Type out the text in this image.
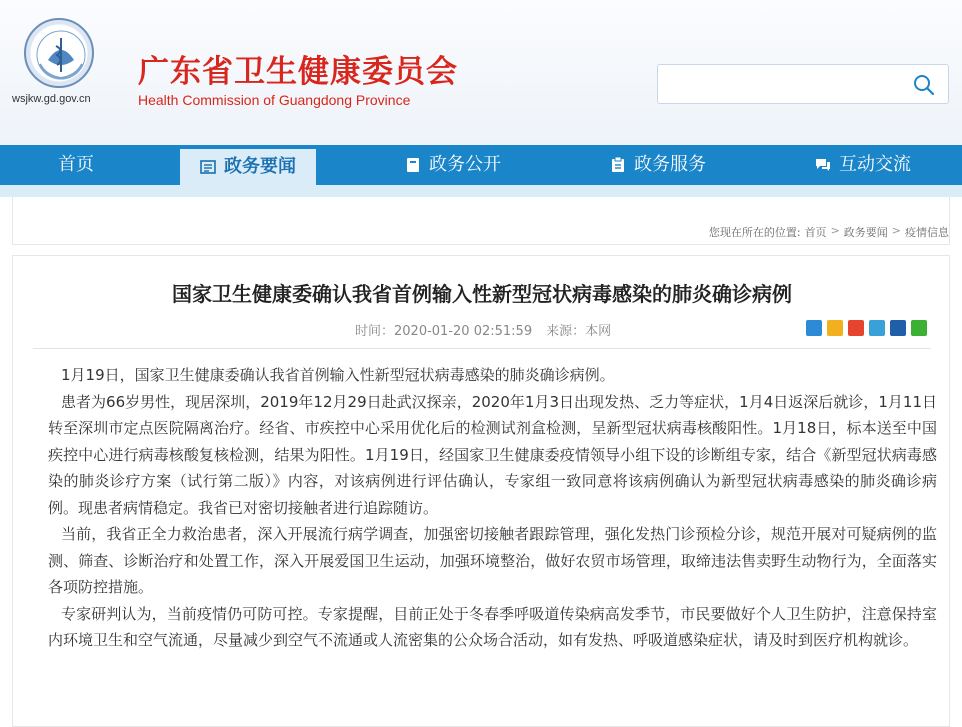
wsjkw.gd.gov.cn
广东省卫生健康委员会
Health Commission of Guangdong Province
首页	政务要闻	政务公开	政务服务	互动交流
您现在所在的位置: 首页 > 政务要闻 > 疫情信息
国家卫生健康委确认我省首例输入性新型冠状病毒感染的肺炎确诊病例
时间：2020-01-20 02:51:59 来源：本网

1月19日，国家卫生健康委确认我省首例输入性新型冠状病毒感染的肺炎确诊病例。

患者为66岁男性，现居深圳，2019年12月29日赴武汉探亲，2020年1月3日出现发热、乏力等症状，1月4日返深后就诊，1月11日转至深圳市定点医院隔离治疗。经省、市疾控中心采用优化后的检测试剂盒检测，呈新型冠状病毒核酸阳性。1月18日，标本送至中国疾控中心进行病毒核酸复核检测，结果为阳性。1月19日，经国家卫生健康委疫情领导小组下设的诊断组专家，结合《新型冠状病毒感染的肺炎诊疗方案（试行第二版）》内容，对该病例进行评估确认，专家组一致同意将该病例确认为新型冠状病毒感染的肺炎确诊病例。现患者病情稳定。我省已对密切接触者进行追踪随访。

当前，我省正全力救治患者，深入开展流行病学调查，加强密切接触者跟踪管理，强化发热门诊预检分诊，规范开展对可疑病例的监测、筛查、诊断治疗和处置工作，深入开展爱国卫生运动，加强环境整治，做好农贸市场管理，取缔违法售卖野生动物行为，全面落实各项防控措施。

专家研判认为，当前疫情仍可防可控。专家提醒，目前正处于冬春季呼吸道传染病高发季节，市民要做好个人卫生防护，注意保持室内环境卫生和空气流通，尽量减少到空气不流通或人流密集的公众场合活动，如有发热、呼吸道感染症状，请及时到医疗机构就诊。
